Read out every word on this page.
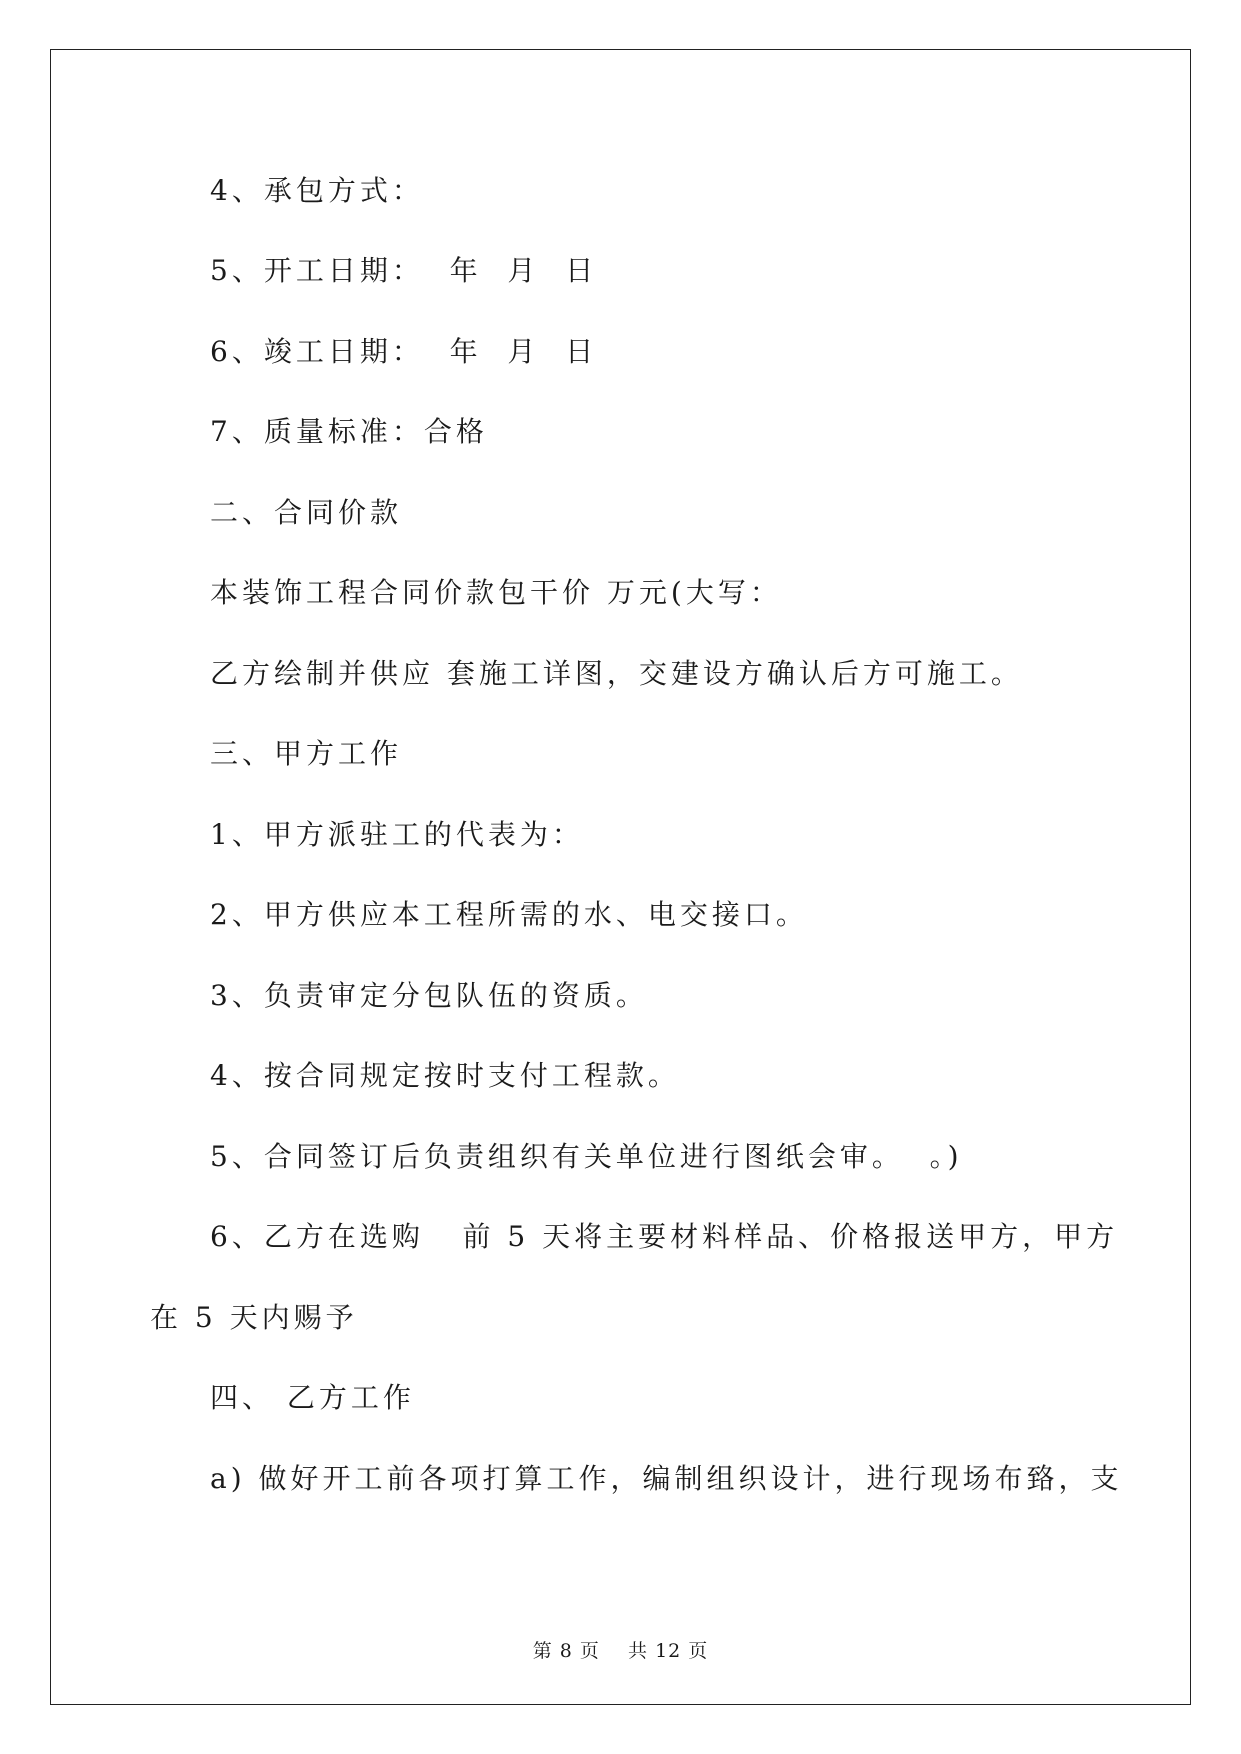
4、承包方式：
5、开工日期：  年  月  日
6、竣工日期：  年  月  日
7、质量标准：合格
二、合同价款
本装饰工程合同价款包干价 万元(大写：
乙方绘制并供应 套施工详图，交建设方确认后方可施工。
三、甲方工作
1、甲方派驻工的代表为：
2、甲方供应本工程所需的水、电交接口。
3、负责审定分包队伍的资质。
4、按合同规定按时支付工程款。
5、合同签订后负责组织有关单位进行图纸会审。  。)
6、乙方在选购   前 5 天将主要材料样品、价格报送甲方，甲方
在 5 天内赐予
四、 乙方工作
a) 做好开工前各项打算工作，编制组织设计，进行现场布臵，支
第 8 页    共 12 页
